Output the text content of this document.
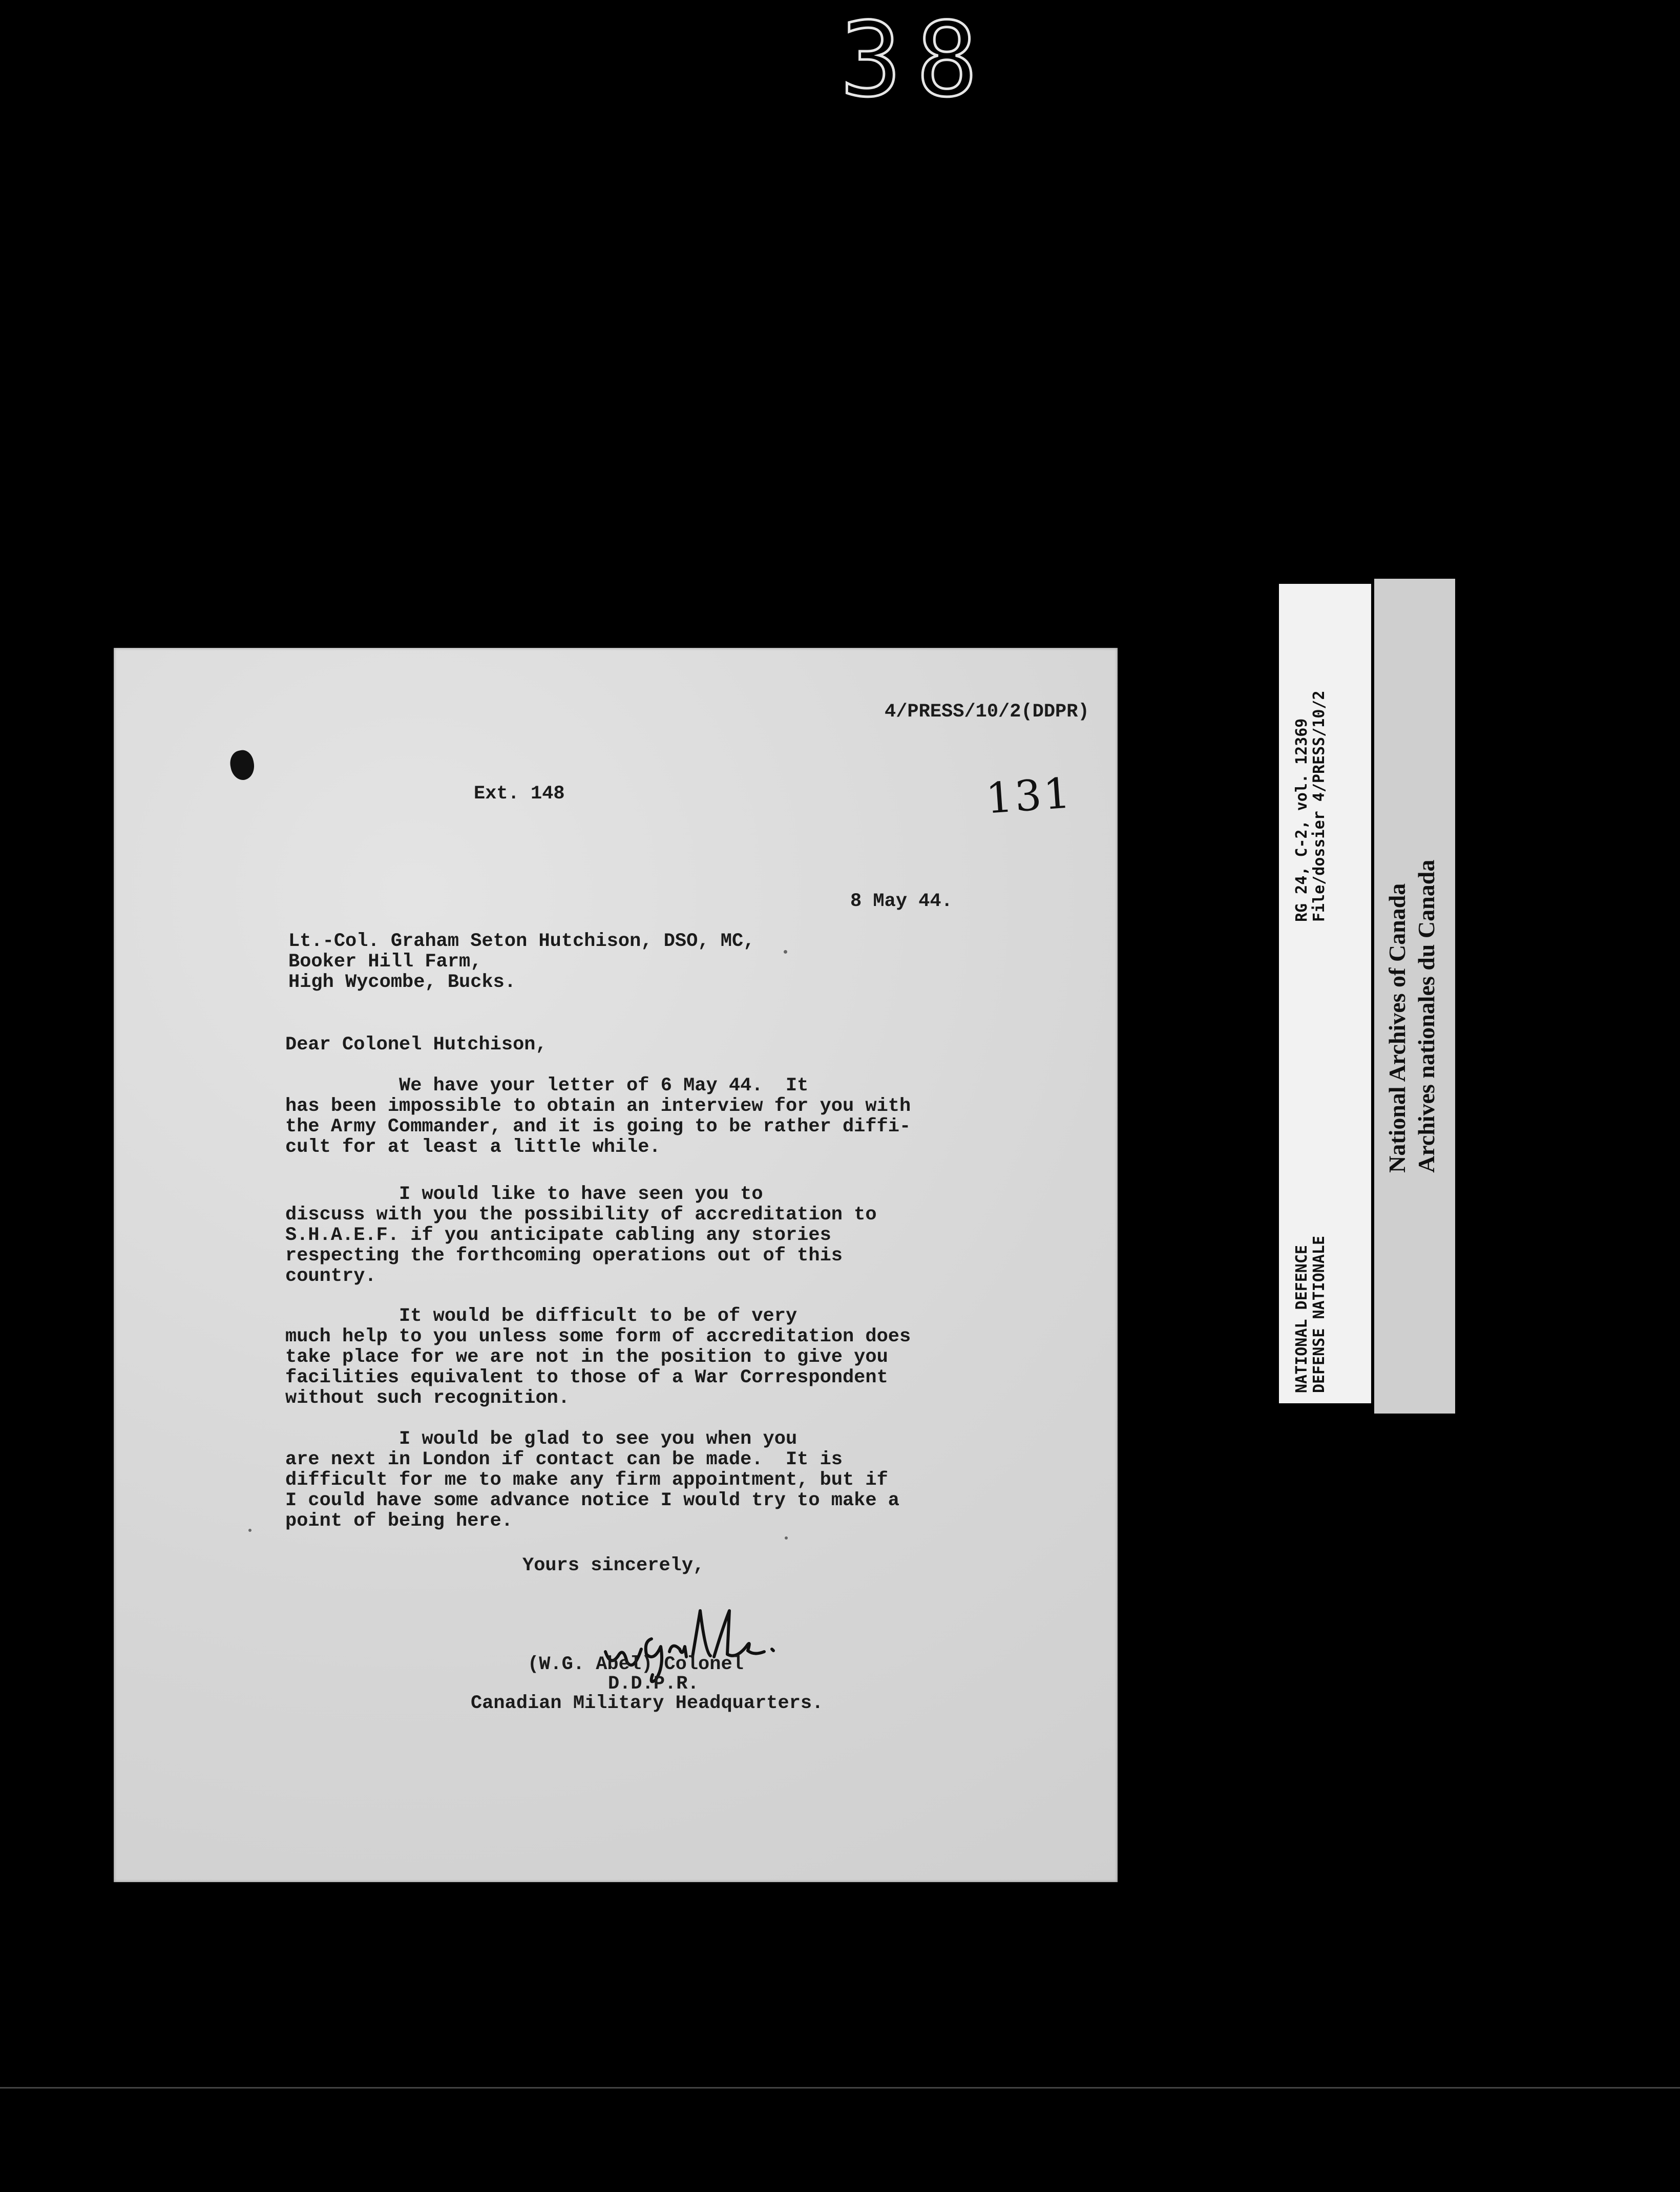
38
4/PRESS/10/2(DDPR)
Ext. 148	131
8 May 44.
Lt.-Col. Graham Seton Hutchison, DSO, MC,
Booker Hill Farm,
High Wycombe, Bucks.
Dear Colonel Hutchison,
We have your letter of 6 May 44.  It
has been impossible to obtain an interview for you with
the Army Commander, and it is going to be rather diffi-
cult for at least a little while.
I would like to have seen you to
discuss with you the possibility of accreditation to
S.H.A.E.F. if you anticipate cabling any stories
respecting the forthcoming operations out of this
country.
It would be difficult to be of very
much help to you unless some form of accreditation does
take place for we are not in the position to give you
facilities equivalent to those of a War Correspondent
without such recognition.
I would be glad to see you when you
are next in London if contact can be made.  It is
difficult for me to make any firm appointment, but if
I could have some advance notice I would try to make a
point of being here.
Yours sincerely,
(W.G. Abel) Colonel
D.D.P.R.
Canadian Military Headquarters.
NATIONAL DEFENCE DEFENSE NATIONALE
RG 24, C-2, vol. 12369 File/dossier 4/PRESS/10/2
National Archives of Canada Archives nationales du Canada
